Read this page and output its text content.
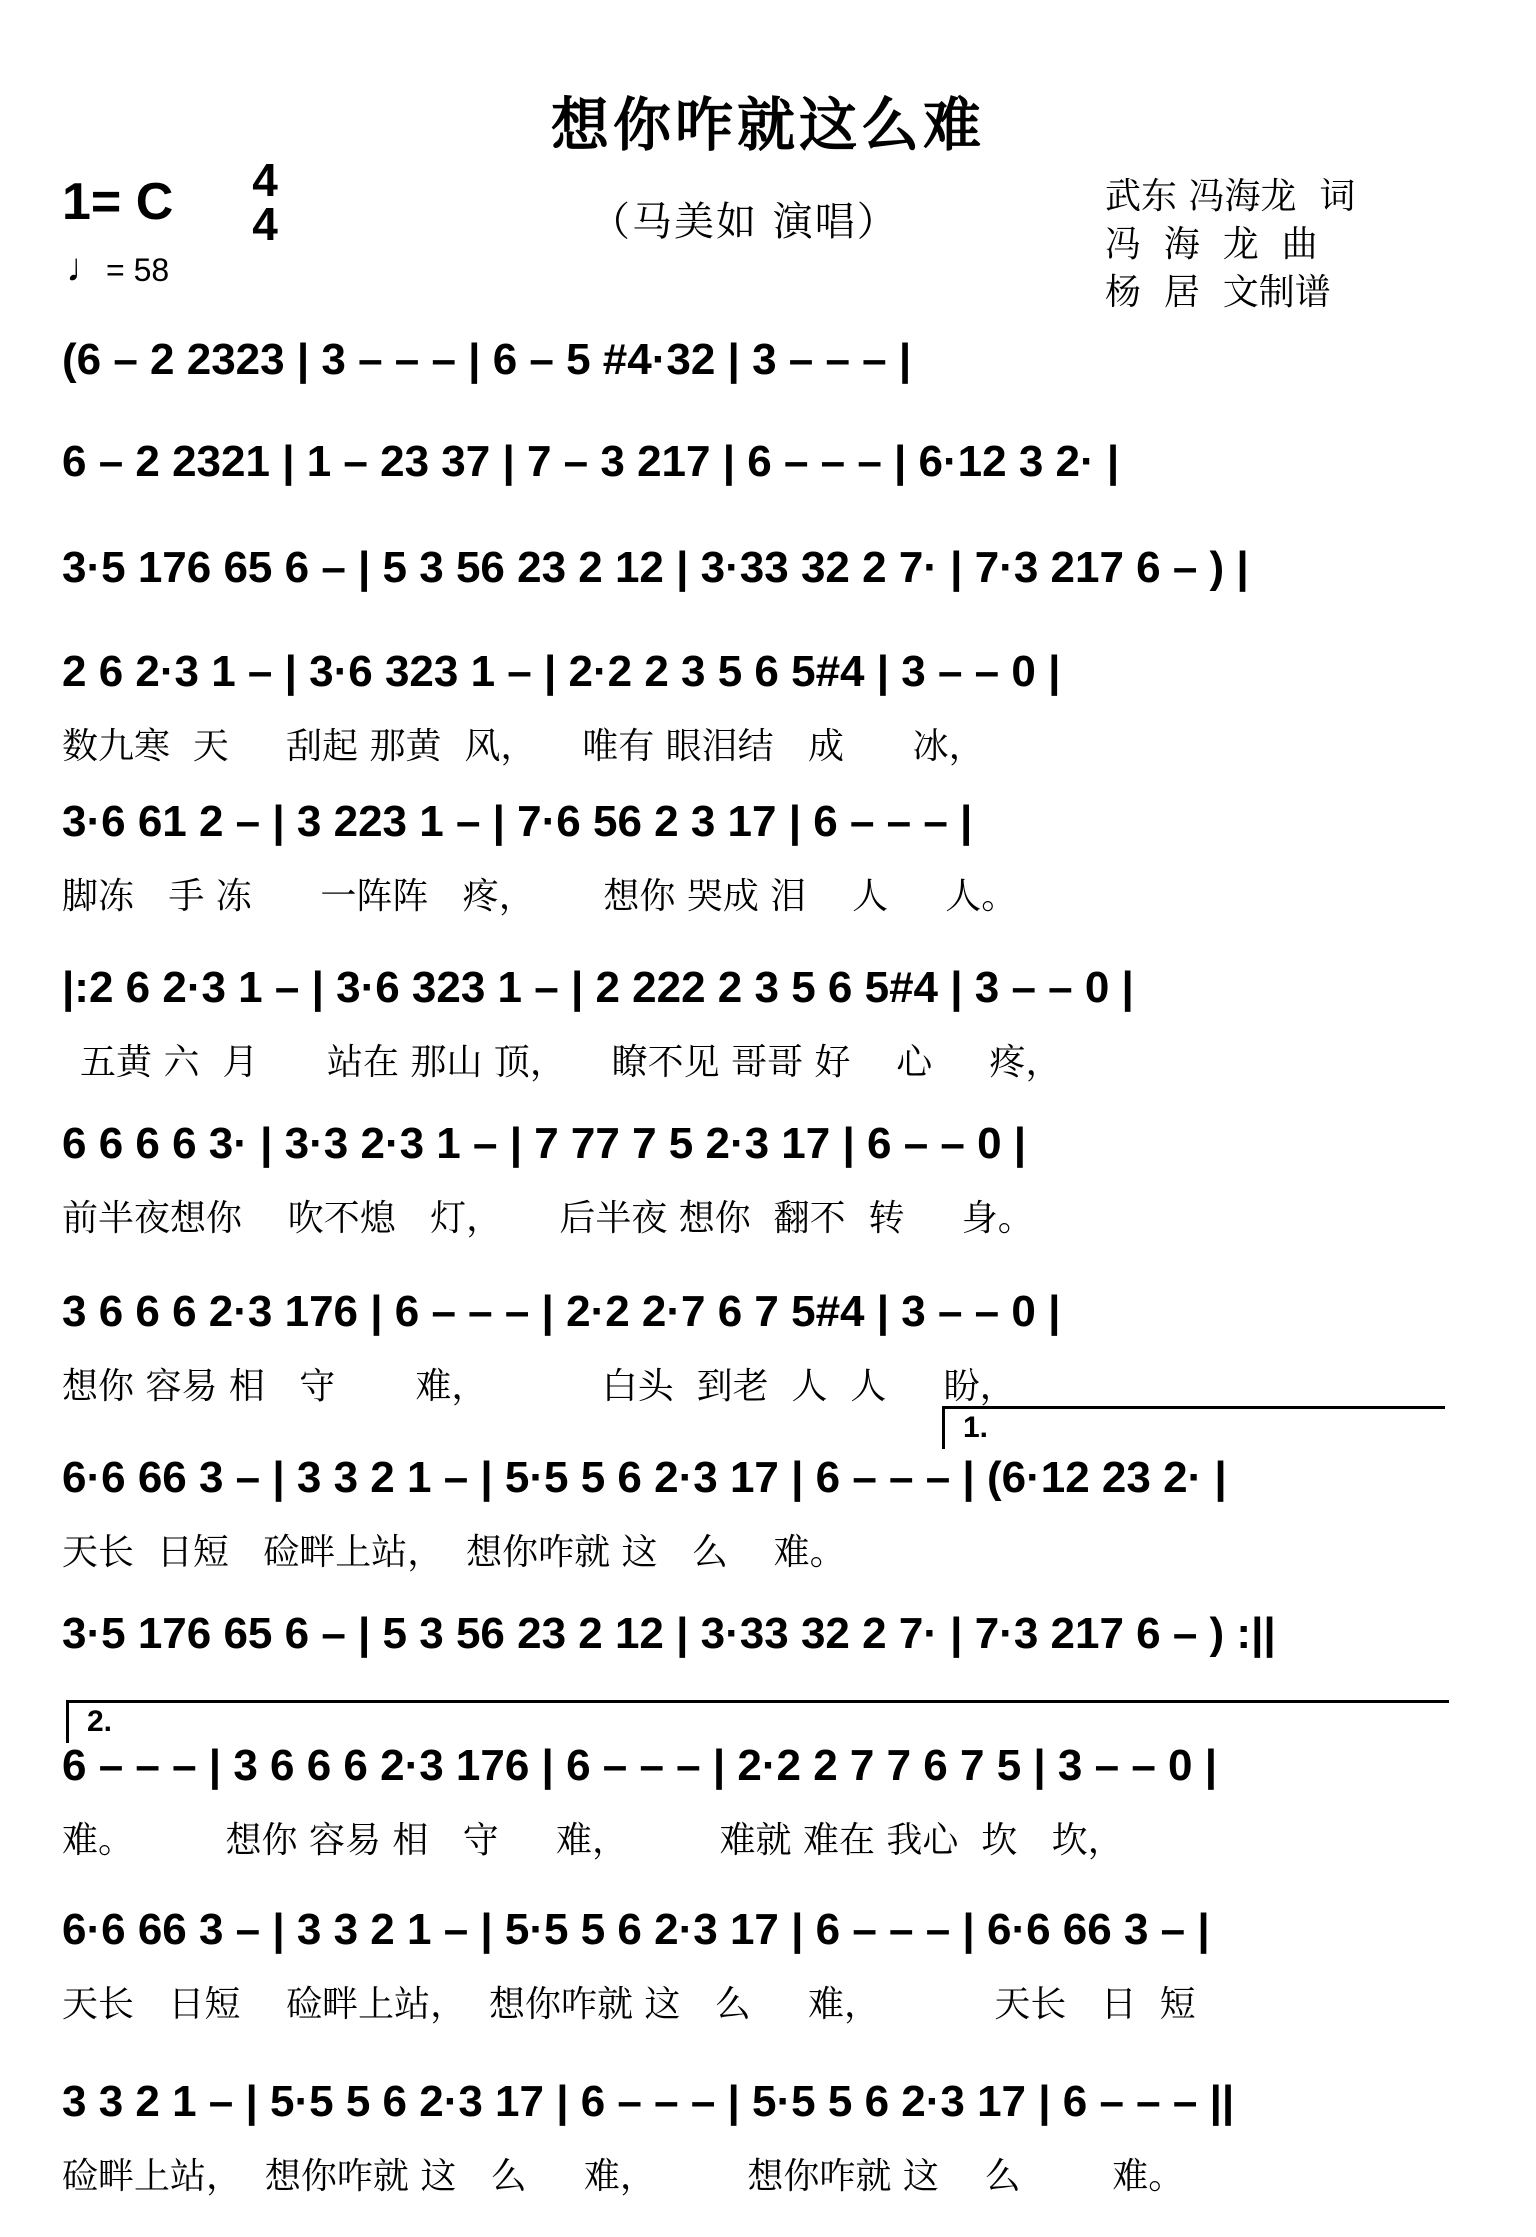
想你咋就这么难
1= C 4
4
♩= 58
（马美如 演唱）
武东 冯海龙  词
冯  海  龙  曲
杨  居  文制谱
(6 – 2 2323 | 3 – – – | 6 – 5 #4·32 | 3 – – – |
6 – 2 2321 | 1 – 23 37 | 7 – 3 217 | 6 – – – | 6·12 3 2· |
3·5 176 65 6 – | 5 3 56 23 2 12 | 3·33 32 2 7· | 7·3 217 6 – ) |
2 6 2·3 1 – | 3·6 323 1 – | 2·2 2 3 5 6 5#4 | 3 – – 0 |
数九寒  天     刮起 那黄  风，    唯有 眼泪结   成      冰，
3·6 61 2 – | 3 223 1 – | 7·6 56 2 3 17 | 6 – – – |
脚冻   手 冻      一阵阵   疼，      想你 哭成 泪    人     人。
|:2 6 2·3 1 – | 3·6 323 1 – | 2 222 2 3 5 6 5#4 | 3 – – 0 |
五黄 六  月      站在 那山 顶，    瞭不见 哥哥 好    心     疼，
6 6 6 6 3· | 3·3 2·3 1 – | 7 77 7 5 2·3 17 | 6 – – 0 |
前半夜想你    吹不熄   灯，     后半夜 想你  翻不  转     身。
3 6 6 6 2·3 176 | 6 – – – | 2·2 2·7 6 7 5#4 | 3 – – 0 |
想你 容易 相   守       难，          白头  到老  人  人     盼，
1.
6·6 66 3 – | 3 3 2 1 – | 5·5 5 6 2·3 17 | 6 – – – | (6·12 23 2· |
天长  日短   硷畔上站，  想你咋就 这   么    难。
3·5 176 65 6 – | 5 3 56 23 2 12 | 3·33 32 2 7· | 7·3 217 6 – ) :||
2.
6 – – – | 3 6 6 6 2·3 176 | 6 – – – | 2·2 2 7 7 6 7 5 | 3 – – 0 |
难。        想你 容易 相   守     难，        难就 难在 我心  坎   坎，
6·6 66 3 – | 3 3 2 1 – | 5·5 5 6 2·3 17 | 6 – – – | 6·6 66 3 – |
天长   日短    硷畔上站，  想你咋就 这   么     难，          天长   日  短
3 3 2 1 – | 5·5 5 6 2·3 17 | 6 – – – | 5·5 5 6 2·3 17 | 6 – – – ||
硷畔上站，  想你咋就 这   么     难，        想你咋就 这    么        难。
